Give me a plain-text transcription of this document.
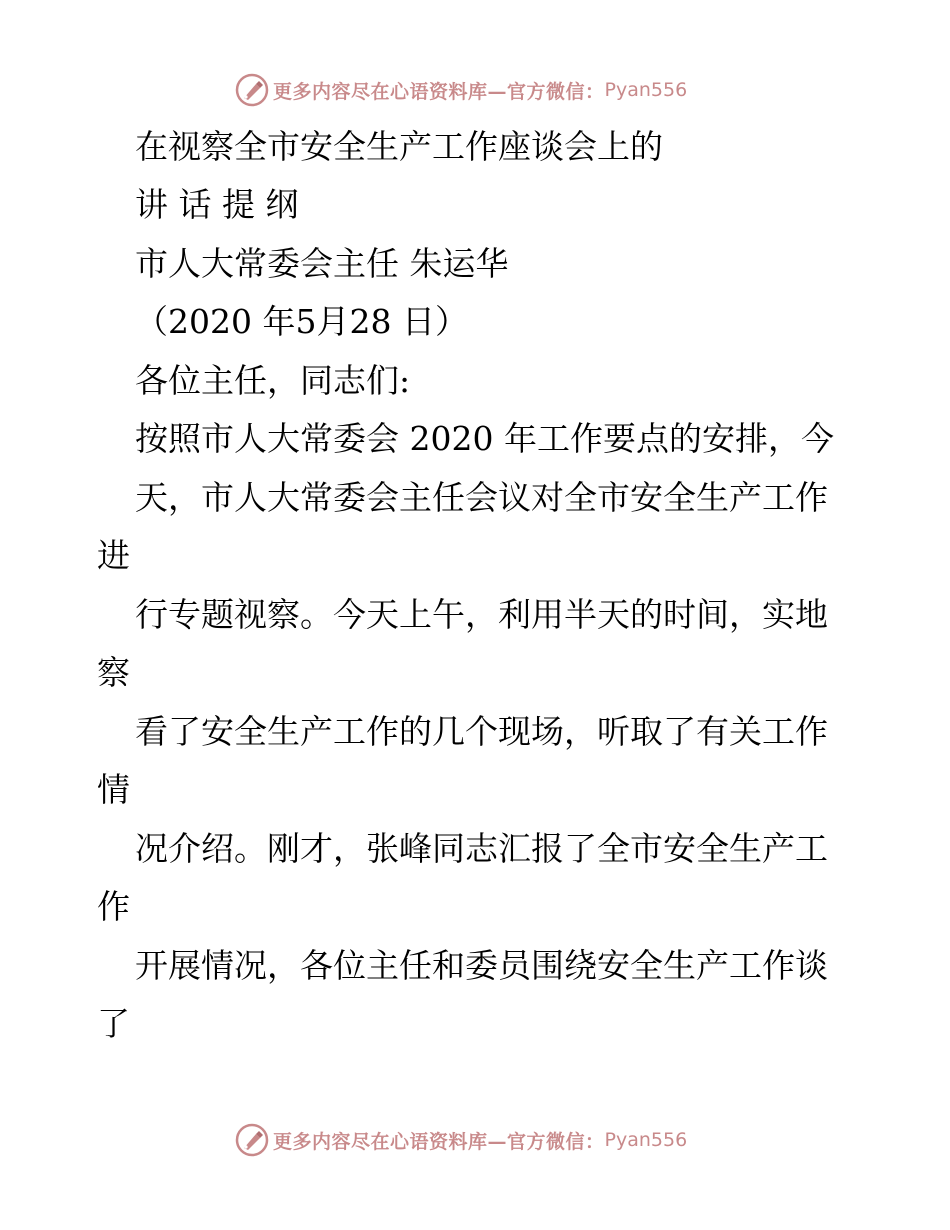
更多内容尽在心语资料库—官方微信： Pyan556
在视察全市安全生产工作座谈会上的
讲 话 提 纲
市人大常委会主任 朱运华
（2020 年5月28 日）
各位主任，同志们:
按照市人大常委会 2020 年工作要点的安排，今
天，市人大常委会主任会议对全市安全生产工作
进
行专题视察。今天上午，利用半天的时间，实地
察
看了安全生产工作的几个现场，听取了有关工作
情
况介绍。刚才，张峰同志汇报了全市安全生产工
作
开展情况，各位主任和委员围绕安全生产工作谈
了
更多内容尽在心语资料库—官方微信： Pyan556
